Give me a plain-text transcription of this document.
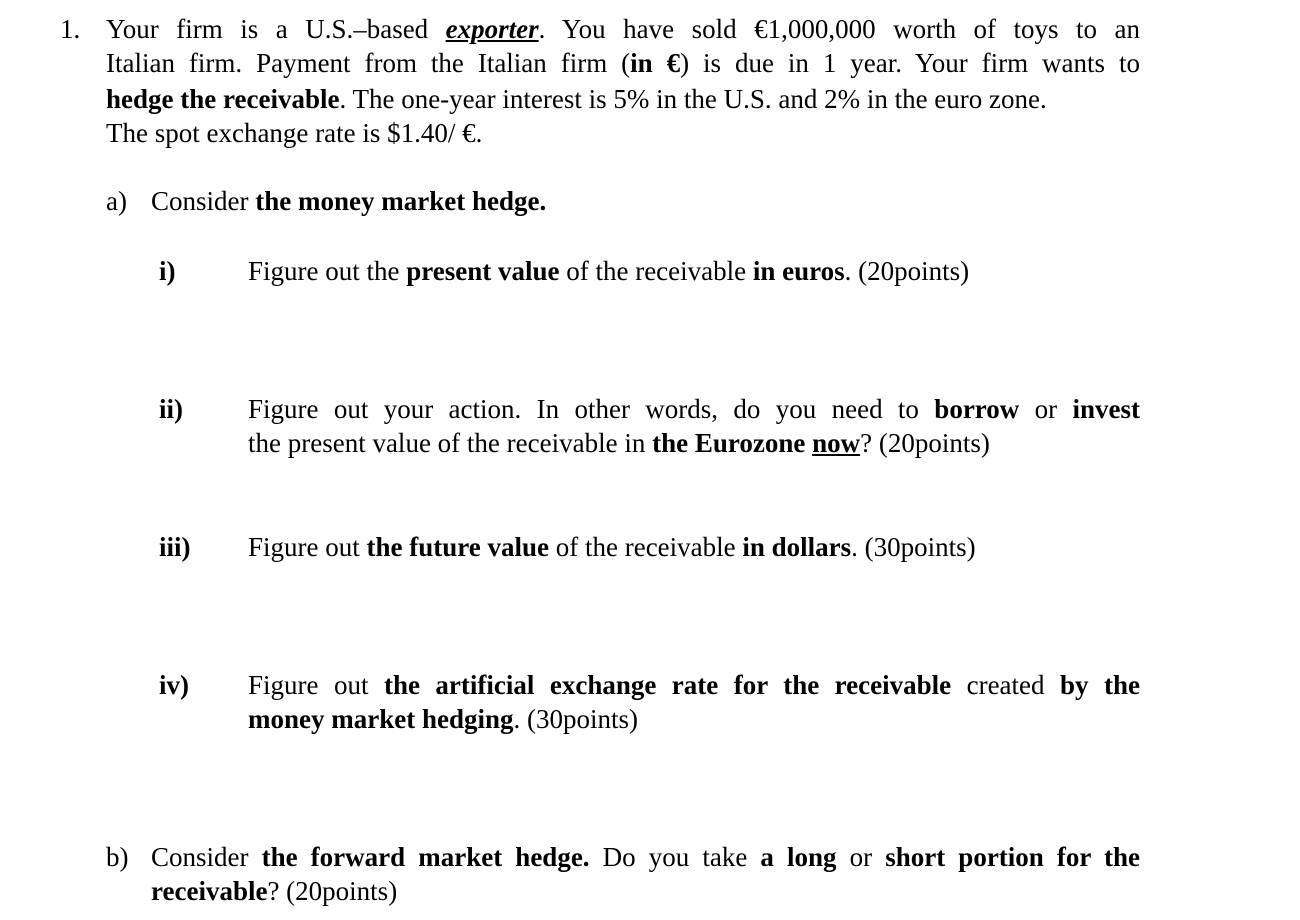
1. Your firm is a U.S.–based exporter. You have sold €1,000,000 worth of toys to an
Italian firm. Payment from the Italian firm (in €) is due in 1 year. Your firm wants to
hedge the receivable. The one-year interest is 5% in the U.S. and 2% in the euro zone.
The spot exchange rate is $1.40/ €.
a) Consider the money market hedge.
i)	Figure out the present value of the receivable in euros. (20points)
ii) Figure out your action. In other words, do you need to borrow or invest
the present value of the receivable in the Eurozone now? (20points)
iii) Figure out the future value of the receivable in dollars. (30points)
iv) Figure out the artificial exchange rate for the receivable created by the
money market hedging. (30points)
b) Consider the forward market hedge. Do you take a long or short portion for the
receivable? (20points)
